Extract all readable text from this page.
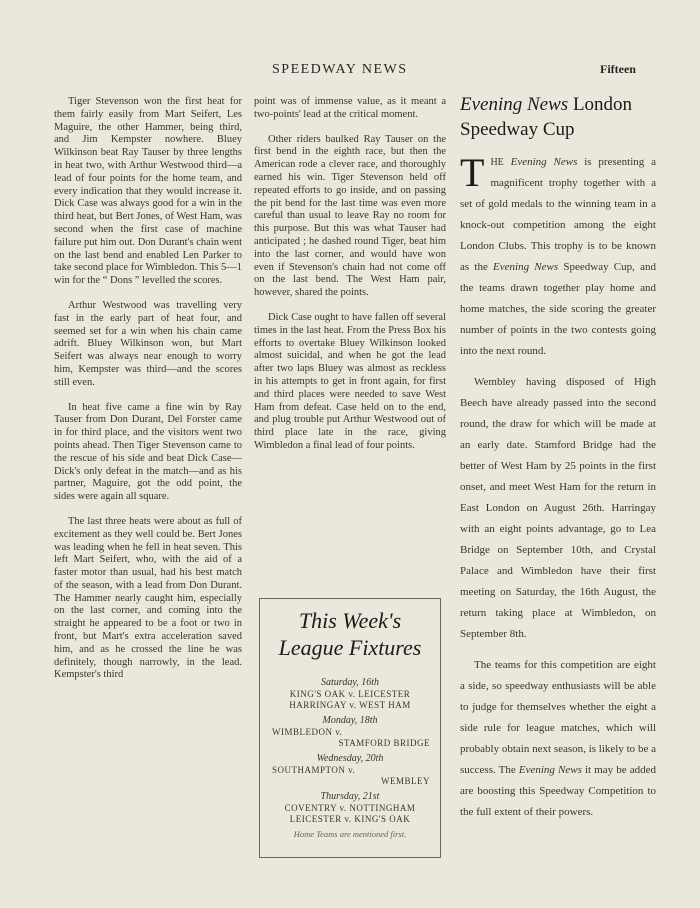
SPEEDWAY NEWS	Fifteen

Tiger Stevenson won the first heat for them fairly easily from Mart Seifert, Les Maguire, the other Hammer, being third, and Jim Kempster nowhere. Bluey Wilkinson beat Ray Tauser by three lengths in heat two, with Arthur Westwood third—a lead of four points for the home team, and every indication that they would increase it. Dick Case was always good for a win in the third heat, but Bert Jones, of West Ham, was second when the first case of machine failure put him out. Don Durant's chain went on the last bend and enabled Len Parker to take second place for Wimbledon. This 5—1 win for the “ Dons ” levelled the scores.

Arthur Westwood was travelling very fast in the early part of heat four, and seemed set for a win when his chain came adrift. Bluey Wilkinson won, but Mart Seifert was always near enough to worry him, Kempster was third—and the scores still even.

In heat five came a fine win by Ray Tauser from Don Durant, Del Forster came in for third place, and the visitors went two points ahead. Then Tiger Stevenson came to the rescue of his side and beat Dick Case—Dick's only defeat in the match—and as his partner, Maguire, got the odd point, the sides were again all square.

The last three heats were about as full of excitement as they well could be. Bert Jones was leading when he fell in heat seven. This left Mart Seifert, who, with the aid of a faster motor than usual, had his best match of the season, with a lead from Don Durant. The Hammer nearly caught him, especially on the last corner, and coming into the straight he appeared to be a foot or two in front, but Mart's extra acceleration saved him, and as he crossed the line he was definitely, though narrowly, in the lead. Kempster's third

point was of immense value, as it meant a two-points' lead at the critical moment.

Other riders baulked Ray Tauser on the first bend in the eighth race, but then the American rode a clever race, and thoroughly earned his win. Tiger Stevenson held off repeated efforts to go inside, and on passing the pit bend for the last time was even more careful than usual to leave Ray no room for this purpose. But this was what Tauser had anticipated ; he dashed round Tiger, beat him into the last corner, and would have won even if Stevenson's chain had not come off on the last bend. The West Ham pair, however, shared the points.

Dick Case ought to have fallen off several times in the last heat. From the Press Box his efforts to overtake Bluey Wilkinson looked almost suicidal, and when he got the lead after two laps Bluey was almost as reckless in his attempts to get in front again, for first and third places were needed to save West Ham from defeat. Case held on to the end, and plug trouble put Arthur Westwood out of third place late in the race, giving Wimbledon a final lead of four points.

This Week's
League Fixtures
Saturday, 16th
KING'S OAK v. LEICESTER
HARRINGAY v. WEST HAM
Monday, 18th
WIMBLEDON v.
STAMFORD BRIDGE
Wednesday, 20th
SOUTHAMPTON v.
WEMBLEY
Thursday, 21st
COVENTRY v. NOTTINGHAM
LEICESTER v. KING'S OAK
Home Teams are mentioned first.
Evening News London Speedway Cup

THE Evening News is presenting a magnificent trophy together with a set of gold medals to the winning team in a knock-out competition among the eight London Clubs. This trophy is to be known as the Evening News Speedway Cup, and the teams drawn together play home and home matches, the side scoring the greater number of points in the two contests going into the next round.

Wembley having disposed of High Beech have already passed into the second round, the draw for which will be made at an early date. Stamford Bridge had the better of West Ham by 25 points in the first onset, and meet West Ham for the return in East London on August 26th. Harringay with an eight points advantage, go to Lea Bridge on September 10th, and Crystal Palace and Wimbledon have their first meeting on Saturday, the 16th August, the return taking place at Wimbledon, on September 8th.

The teams for this competition are eight a side, so speedway enthusiasts will be able to judge for themselves whether the eight a side rule for league matches, which will probably obtain next season, is likely to be a success. The Evening News it may be added are boosting this Speedway Competition to the full extent of their powers.
